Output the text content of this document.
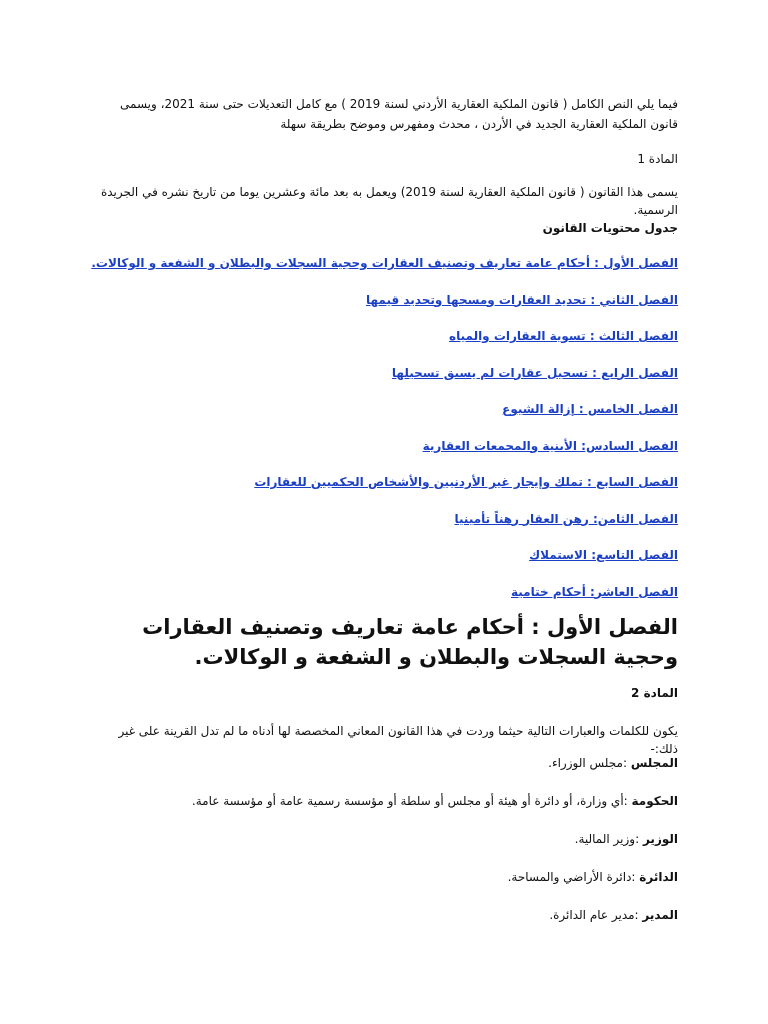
فيما يلي النص الكامل ( قانون الملكية العقارية الأردني لسنة 2019 ) مع كامل التعديلات حتى سنة 2021، ويسمى قانون الملكية العقارية الجديد في الأردن ، محدث ومفهرس وموضح بطريقة سهلة
المادة 1
يسمى هذا القانون ( قانون الملكية العقارية لسنة 2019) ويعمل به بعد مائة وعشرين يوما من تاريخ نشره في الجريدة الرسمية.
جدول محتويات القانون
الفصل الأول : أحكام عامة تعاريف وتصنيف العقارات وحجية السجلات والبطلان و الشفعة و الوكالات.
الفصل الثاني : تحديد العقارات ومسحها وتحديد قيمها
الفصل الثالث : تسوية العقارات والمياه
الفصل الرابع : تسجيل عقارات لم يسبق تسجيلها
الفصل الخامس : إزالة الشيوع
الفصل السادس: الأبنية والمجمعات العقارية
الفصل السابع : تملك وإيجار غير الأردنيين والأشخاص الحكميين للعقارات
الفصل الثامن: رهن العقار رهناً تأمينيا
الفصل التاسع: الاستملاك
الفصل العاشر: أحكام ختامية
الفصل الأول : أحكام عامة تعاريف وتصنيف العقارات وحجية السجلات والبطلان و الشفعة و الوكالات.
المادة 2
يكون للكلمات والعبارات التالية حيثما وردت في هذا القانون المعاني المخصصة لها أدناه ما لم تدل القرينة على غير ذلك:-
المجلس :مجلس الوزراء.
الحكومة :أي وزارة، أو دائرة أو هيئة أو مجلس أو سلطة أو مؤسسة رسمية عامة أو مؤسسة عامة.
الوزير :وزير المالية.
الدائرة :دائرة الأراضي والمساحة.
المدير :مدير عام الدائرة.
